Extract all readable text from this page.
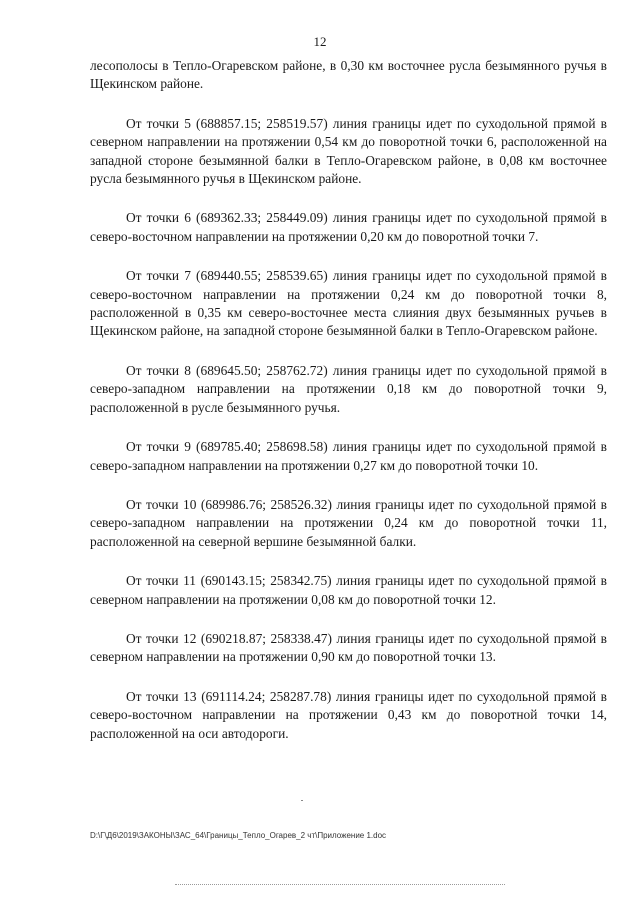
12

лесополосы в Тепло-Огаревском районе, в 0,30 км восточнее русла безымянного ручья в Щекинском районе.

От точки 5 (688857.15; 258519.57) линия границы идет по суходольной прямой в северном направлении на протяжении 0,54 км до поворотной точки 6, расположенной на западной стороне безымянной балки в Тепло-Огаревском районе, в 0,08 км восточнее русла безымянного ручья в Щекинском районе.

От точки 6 (689362.33; 258449.09) линия границы идет по суходольной прямой в северо-восточном направлении на протяжении 0,20 км до поворотной точки 7.

От точки 7 (689440.55; 258539.65) линия границы идет по суходольной прямой в северо-восточном направлении на протяжении 0,24 км до поворотной точки 8, расположенной в 0,35 км северо-восточнее места слияния двух безымянных ручьев в Щекинском районе, на западной стороне безымянной балки в Тепло-Огаревском районе.

От точки 8 (689645.50; 258762.72) линия границы идет по суходольной прямой в северо-западном направлении на протяжении 0,18 км до поворотной точки 9, расположенной в русле безымянного ручья.

От точки 9 (689785.40; 258698.58) линия границы идет по суходольной прямой в северо-западном направлении на протяжении 0,27 км до поворотной точки 10.

От точки 10 (689986.76; 258526.32) линия границы идет по суходольной прямой в северо-западном направлении на протяжении 0,24 км до поворотной точки 11, расположенной на северной вершине безымянной балки.

От точки 11 (690143.15; 258342.75) линия границы идет по суходольной прямой в северном направлении на протяжении 0,08 км до поворотной точки 12.

От точки 12 (690218.87; 258338.47) линия границы идет по суходольной прямой в северном направлении на протяжении 0,90 км до поворотной точки 13.

От точки 13 (691114.24; 258287.78) линия границы идет по суходольной прямой в северо-восточном направлении на протяжении 0,43 км до поворотной точки 14, расположенной на оси автодороги.

D:\Г\Д6\2019\ЗАКОНЫ\ЗАС_64\Границы_Тепло_Огарев_2 чт\Приложение 1.doc
